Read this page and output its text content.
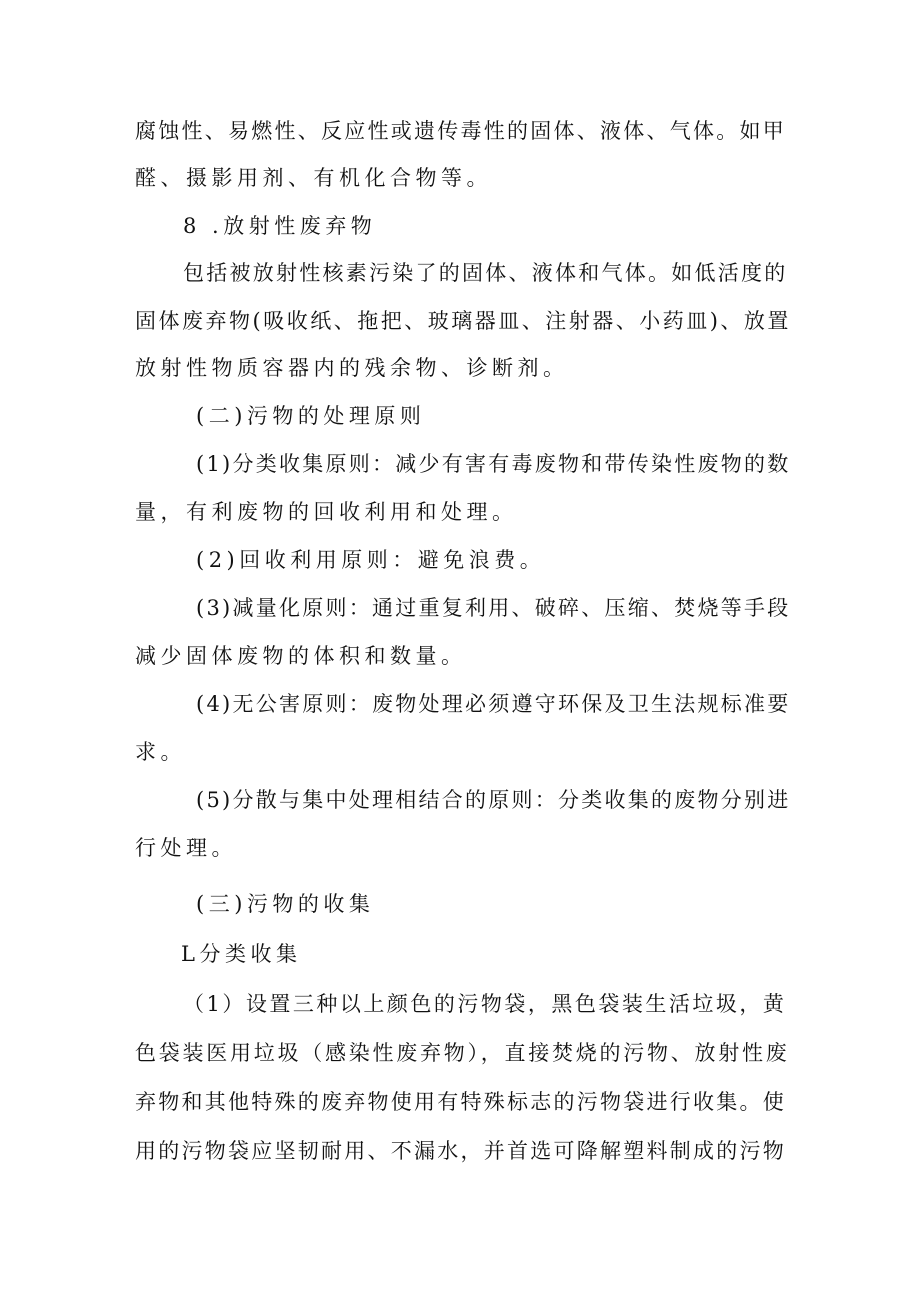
腐蚀性、易燃性、反应性或遗传毒性的固体、液体、气体。如甲

醛、摄影用剂、有机化合物等。

8 .放射性废弃物

包括被放射性核素污染了的固体、液体和气体。如低活度的

固体废弃物(吸收纸、拖把、玻璃器皿、注射器、小药皿)、放置

放射性物质容器内的残余物、诊断剂。

(二)污物的处理原则

(1)分类收集原则：减少有害有毒废物和带传染性废物的数

量，有利废物的回收利用和处理。

(2)回收利用原则：避免浪费。

(3)减量化原则：通过重复利用、破碎、压缩、焚烧等手段

减少固体废物的体积和数量。

(4)无公害原则：废物处理必须遵守环保及卫生法规标准要

求。

(5)分散与集中处理相结合的原则：分类收集的废物分别进

行处理。

(三)污物的收集

L分类收集

（1）设置三种以上颜色的污物袋，黑色袋装生活垃圾，黄

色袋装医用垃圾（感染性废弃物），直接焚烧的污物、放射性废

弃物和其他特殊的废弃物使用有特殊标志的污物袋进行收集。使

用的污物袋应坚韧耐用、不漏水，并首选可降解塑料制成的污物
